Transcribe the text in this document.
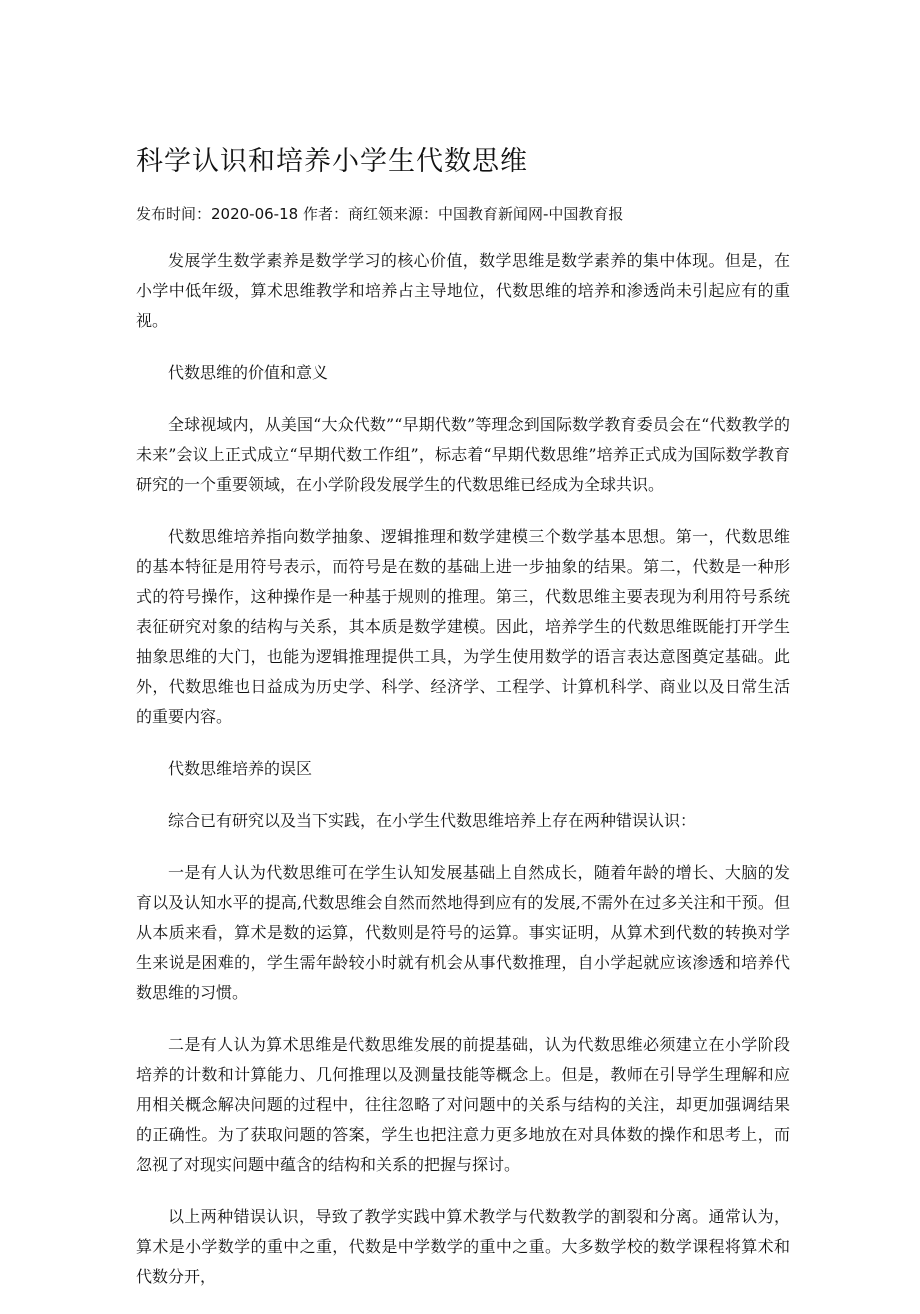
科学认识和培养小学生代数思维
发布时间：2020-06-18 作者：商红领来源：中国教育新闻网-中国教育报

发展学生数学素养是数学学习的核心价值，数学思维是数学素养的集中体现。但是，在小学中低年级，算术思维教学和培养占主导地位，代数思维的培养和渗透尚未引起应有的重视。

代数思维的价值和意义

全球视域内，从美国“大众代数”“早期代数”等理念到国际数学教育委员会在“代数教学的未来”会议上正式成立“早期代数工作组”，标志着“早期代数思维”培养正式成为国际数学教育研究的一个重要领域，在小学阶段发展学生的代数思维已经成为全球共识。

代数思维培养指向数学抽象、逻辑推理和数学建模三个数学基本思想。第一，代数思维的基本特征是用符号表示，而符号是在数的基础上进一步抽象的结果。第二，代数是一种形式的符号操作，这种操作是一种基于规则的推理。第三，代数思维主要表现为利用符号系统表征研究对象的结构与关系，其本质是数学建模。因此，培养学生的代数思维既能打开学生抽象思维的大门，也能为逻辑推理提供工具，为学生使用数学的语言表达意图奠定基础。此外，代数思维也日益成为历史学、科学、经济学、工程学、计算机科学、商业以及日常生活的重要内容。

代数思维培养的误区

综合已有研究以及当下实践，在小学生代数思维培养上存在两种错误认识：

一是有人认为代数思维可在学生认知发展基础上自然成长，随着年龄的增长、大脑的发育以及认知水平的提高,代数思维会自然而然地得到应有的发展,不需外在过多关注和干预。但从本质来看，算术是数的运算，代数则是符号的运算。事实证明，从算术到代数的转换对学生来说是困难的，学生需年龄较小时就有机会从事代数推理，自小学起就应该渗透和培养代数思维的习惯。

二是有人认为算术思维是代数思维发展的前提基础，认为代数思维必须建立在小学阶段培养的计数和计算能力、几何推理以及测量技能等概念上。但是，教师在引导学生理解和应用相关概念解决问题的过程中，往往忽略了对问题中的关系与结构的关注，却更加强调结果的正确性。为了获取问题的答案，学生也把注意力更多地放在对具体数的操作和思考上，而忽视了对现实问题中蕴含的结构和关系的把握与探讨。

以上两种错误认识，导致了教学实践中算术教学与代数教学的割裂和分离。通常认为，算术是小学数学的重中之重，代数是中学数学的重中之重。大多数学校的数学课程将算术和代数分开，
